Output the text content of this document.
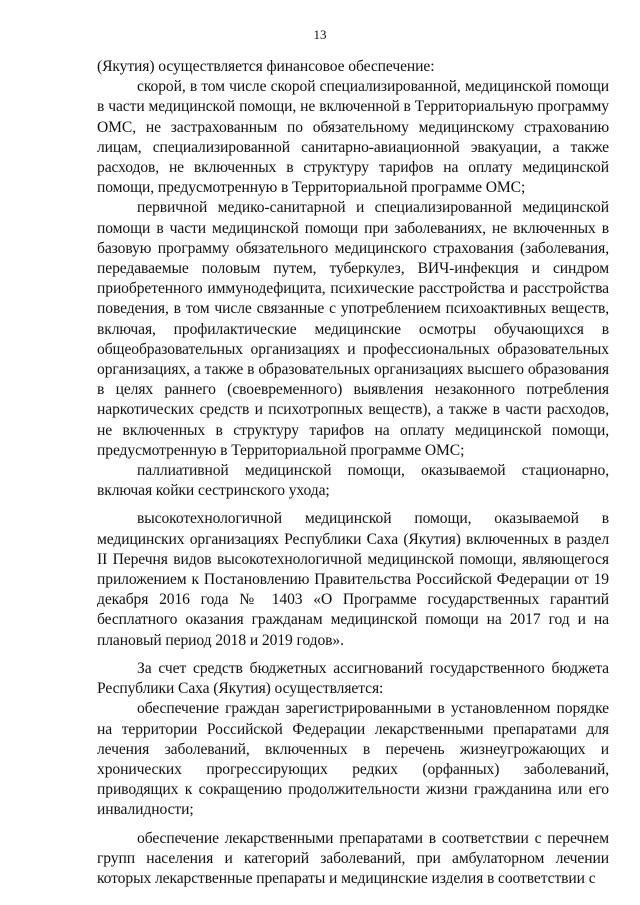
13

(Якутия) осуществляется финансовое обеспечение:

скорой, в том числе скорой специализированной, медицинской помощи в части медицинской помощи, не включенной в Территориальную программу ОМС, не застрахованным по обязательному медицинскому страхованию лицам, специализированной санитарно-авиационной эвакуации, а также расходов, не включенных в структуру тарифов на оплату медицинской помощи, предусмотренную в Территориальной программе ОМС;

первичной медико-санитарной и специализированной медицинской помощи в части медицинской помощи при заболеваниях, не включенных в базовую программу обязательного медицинского страхования (заболевания, передаваемые половым путем, туберкулез, ВИЧ-инфекция и синдром приобретенного иммунодефицита, психические расстройства и расстройства поведения, в том числе связанные с употреблением психоактивных веществ, включая, профилактические медицинские осмотры обучающихся в общеобразовательных организациях и профессиональных образовательных организациях, а также в образовательных организациях высшего образования в целях раннего (своевременного) выявления незаконного потребления наркотических средств и психотропных веществ), а также в части расходов, не включенных в структуру тарифов на оплату медицинской помощи, предусмотренную в Территориальной программе ОМС;

паллиативной медицинской помощи, оказываемой стационарно, включая койки сестринского ухода;

высокотехнологичной медицинской помощи, оказываемой в медицинских организациях Республики Саха (Якутия) включенных в раздел II Перечня видов высокотехнологичной медицинской помощи, являющегося приложением к Постановлению Правительства Российской Федерации от 19 декабря 2016 года № 1403 «О Программе государственных гарантий бесплатного оказания гражданам медицинской помощи на 2017 год и на плановый период 2018 и 2019 годов».

За счет средств бюджетных ассигнований государственного бюджета Республики Саха (Якутия) осуществляется:

обеспечение граждан зарегистрированными в установленном порядке на территории Российской Федерации лекарственными препаратами для лечения заболеваний, включенных в перечень жизнеугрожающих и хронических прогрессирующих редких (орфанных) заболеваний, приводящих к сокращению продолжительности жизни гражданина или его инвалидности;

обеспечение лекарственными препаратами в соответствии с перечнем групп населения и категорий заболеваний, при амбулаторном лечении которых лекарственные препараты и медицинские изделия в соответствии с
